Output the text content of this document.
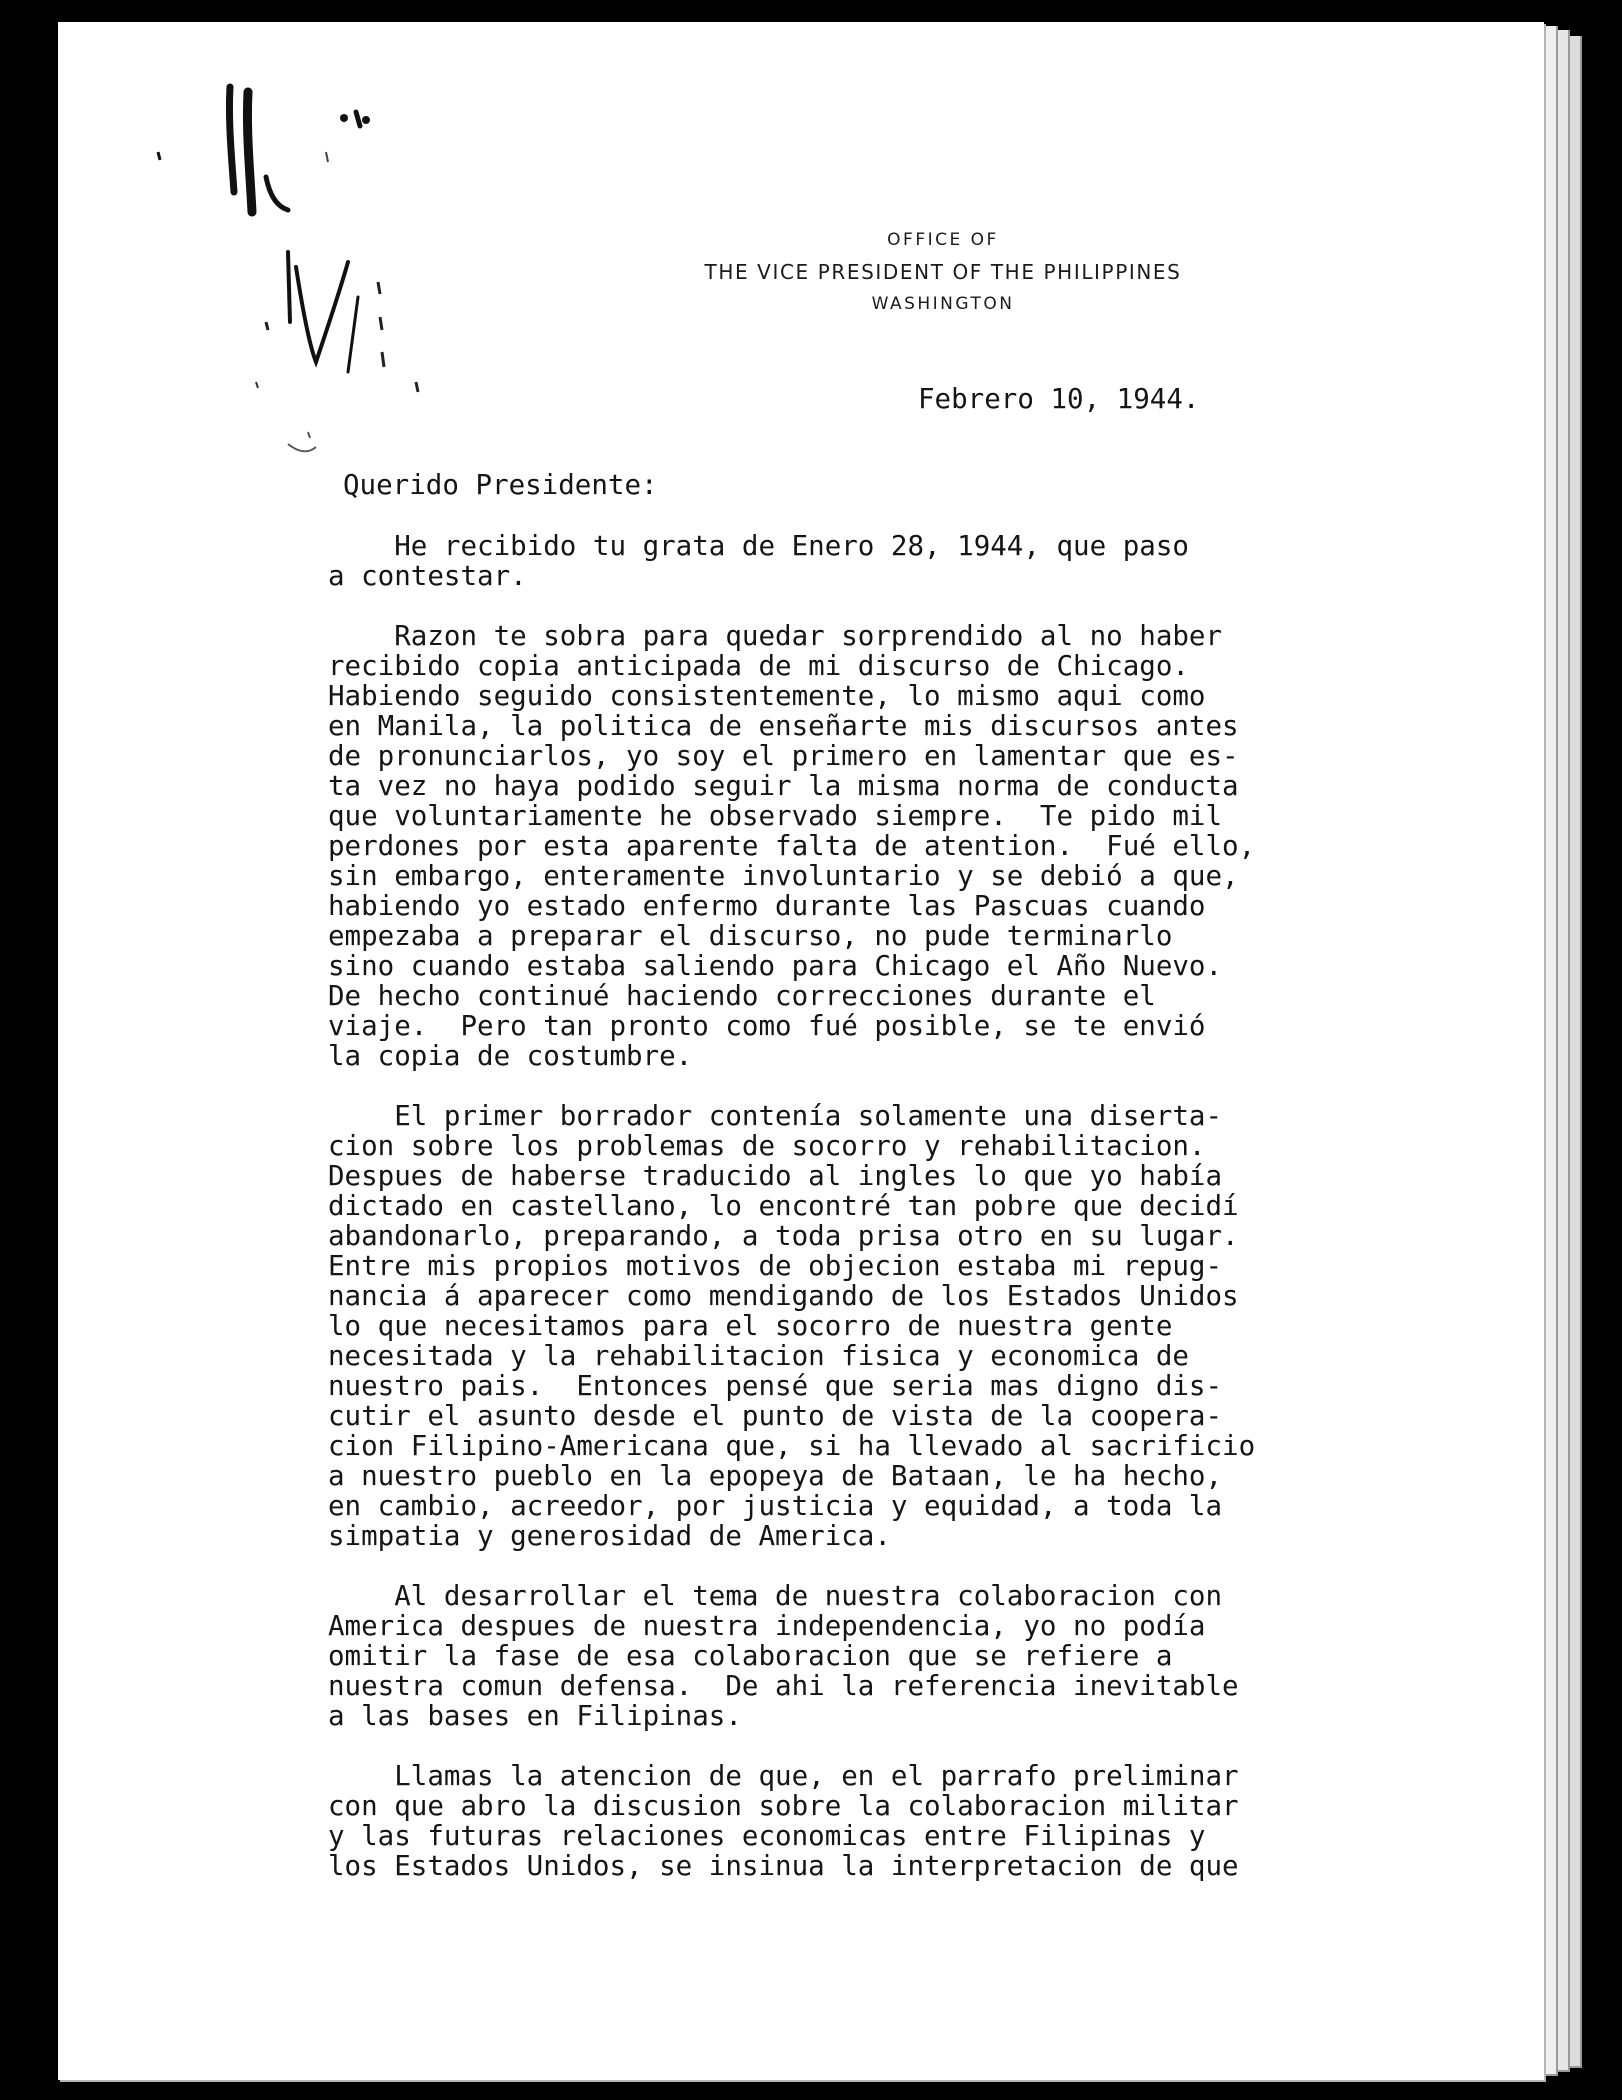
OFFICE OF
THE VICE PRESIDENT OF THE PHILIPPINES
WASHINGTON
Febrero 10, 1944.
Querido Presidente:
He recibido tu grata de Enero 28, 1944, que paso
a contestar.
Razon te sobra para quedar sorprendido al no haber
recibido copia anticipada de mi discurso de Chicago.
Habiendo seguido consistentemente, lo mismo aqui como
en Manila, la politica de enseñarte mis discursos antes
de pronunciarlos, yo soy el primero en lamentar que es-
ta vez no haya podido seguir la misma norma de conducta
que voluntariamente he observado siempre.  Te pido mil
perdones por esta aparente falta de atention.  Fué ello,
sin embargo, enteramente involuntario y se debió a que,
habiendo yo estado enfermo durante las Pascuas cuando
empezaba a preparar el discurso, no pude terminarlo
sino cuando estaba saliendo para Chicago el Año Nuevo.
De hecho continué haciendo correcciones durante el
viaje.  Pero tan pronto como fué posible, se te envió
la copia de costumbre.
El primer borrador contenía solamente una diserta-
cion sobre los problemas de socorro y rehabilitacion.
Despues de haberse traducido al ingles lo que yo había
dictado en castellano, lo encontré tan pobre que decidí
abandonarlo, preparando, a toda prisa otro en su lugar.
Entre mis propios motivos de objecion estaba mi repug-
nancia á aparecer como mendigando de los Estados Unidos
lo que necesitamos para el socorro de nuestra gente
necesitada y la rehabilitacion fisica y economica de
nuestro pais.  Entonces pensé que seria mas digno dis-
cutir el asunto desde el punto de vista de la coopera-
cion Filipino-Americana que, si ha llevado al sacrificio
a nuestro pueblo en la epopeya de Bataan, le ha hecho,
en cambio, acreedor, por justicia y equidad, a toda la
simpatia y generosidad de America.
Al desarrollar el tema de nuestra colaboracion con
America despues de nuestra independencia, yo no podía
omitir la fase de esa colaboracion que se refiere a
nuestra comun defensa.  De ahi la referencia inevitable
a las bases en Filipinas.
Llamas la atencion de que, en el parrafo preliminar
con que abro la discusion sobre la colaboracion militar
y las futuras relaciones economicas entre Filipinas y
los Estados Unidos, se insinua la interpretacion de que
